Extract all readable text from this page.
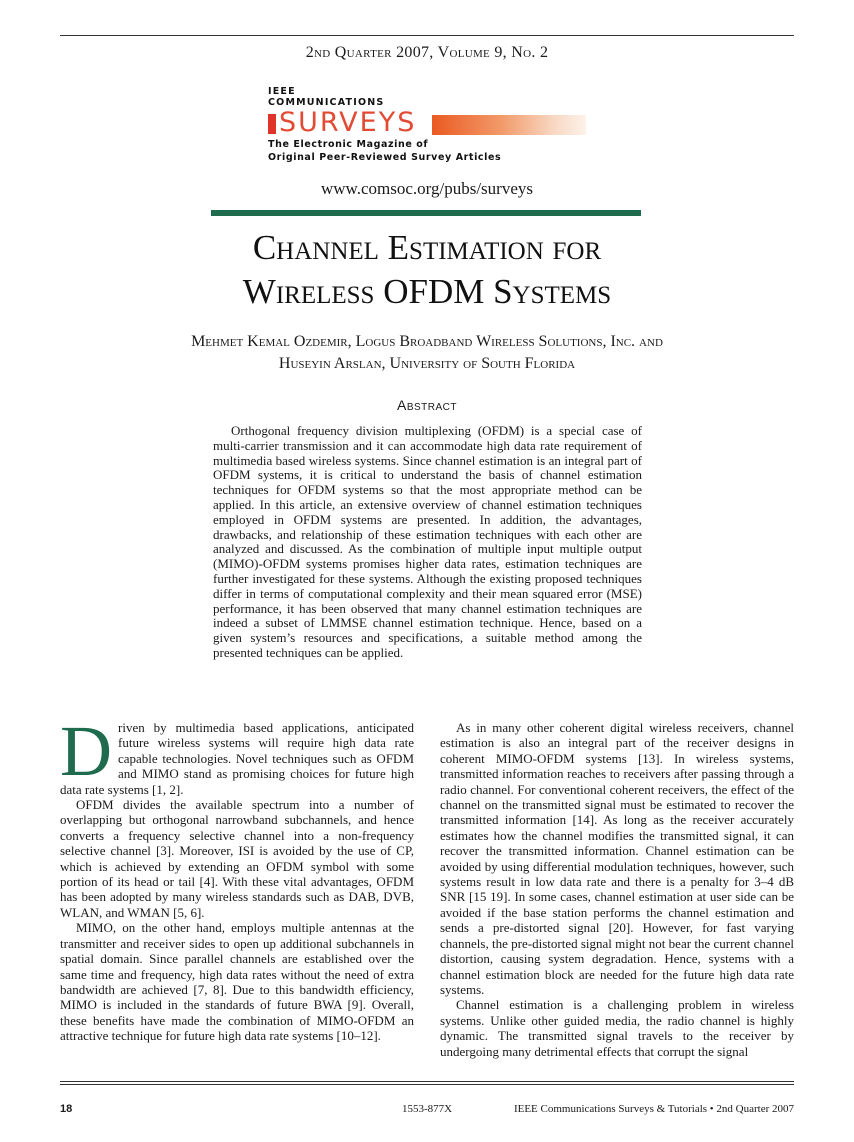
2nd Quarter 2007, Volume 9, No. 2
IEEE
COMMUNICATIONS
SURVEYS
The Electronic Magazine of
Original Peer-Reviewed Survey Articles
www.comsoc.org/pubs/surveys
Channel Estimation for
Wireless OFDM Systems
Mehmet Kemal Ozdemir, Logus Broadband Wireless Solutions, Inc. and
Huseyin Arslan, University of South Florida
Abstract

Orthogonal frequency division multiplexing (OFDM) is a special case of multi-carrier transmission and it can accommodate high data rate requirement of multimedia based wireless systems. Since channel estimation is an integral part of OFDM systems, it is critical to understand the basis of channel estimation techniques for OFDM systems so that the most appropriate method can be applied. In this article, an extensive overview of channel estimation techniques employed in OFDM systems are presented. In addition, the advantages, drawbacks, and relationship of these estimation techniques with each other are analyzed and discussed. As the combination of multiple input multiple output (MIMO)-OFDM systems promises higher data rates, estimation techniques are further investigated for these systems. Although the existing proposed techniques differ in terms of computational complexity and their mean squared error (MSE) performance, it has been observed that many channel estimation techniques are indeed a subset of LMMSE channel estimation technique. Hence, based on a given system’s resources and specifications, a suitable method among the presented techniques can be applied.

Driven by multimedia based applications, anticipated future wireless systems will require high data rate capable technologies. Novel techniques such as OFDM and MIMO stand as promising choices for future high data rate systems [1, 2].

OFDM divides the available spectrum into a number of overlapping but orthogonal narrowband subchannels, and hence converts a frequency selective channel into a non-frequency selective channel [3]. Moreover, ISI is avoided by the use of CP, which is achieved by extending an OFDM symbol with some portion of its head or tail [4]. With these vital advantages, OFDM has been adopted by many wireless standards such as DAB, DVB, WLAN, and WMAN [5, 6].

MIMO, on the other hand, employs multiple antennas at the transmitter and receiver sides to open up additional subchannels in spatial domain. Since parallel channels are established over the same time and frequency, high data rates without the need of extra bandwidth are achieved [7, 8]. Due to this bandwidth efficiency, MIMO is included in the standards of future BWA [9]. Overall, these benefits have made the combination of MIMO-OFDM an attractive technique for future high data rate systems [10–12].

As in many other coherent digital wireless receivers, channel estimation is also an integral part of the receiver designs in coherent MIMO-OFDM systems [13]. In wireless systems, transmitted information reaches to receivers after passing through a radio channel. For conventional coherent receivers, the effect of the channel on the transmitted signal must be estimated to recover the transmitted information [14]. As long as the receiver accurately estimates how the channel modifies the transmitted signal, it can recover the transmitted information. Channel estimation can be avoided by using differential modulation techniques, however, such systems result in low data rate and there is a penalty for 3–4 dB SNR [15 19]. In some cases, channel estimation at user side can be avoided if the base station performs the channel estimation and sends a pre-distorted signal [20]. However, for fast varying channels, the pre-distorted signal might not bear the current channel distortion, causing system degradation. Hence, systems with a channel estimation block are needed for the future high data rate systems.

Channel estimation is a challenging problem in wireless systems. Unlike other guided media, the radio channel is highly dynamic. The transmitted signal travels to the receiver by undergoing many detrimental effects that corrupt the signal

18	1553-877X	IEEE Communications Surveys & Tutorials • 2nd Quarter 2007
